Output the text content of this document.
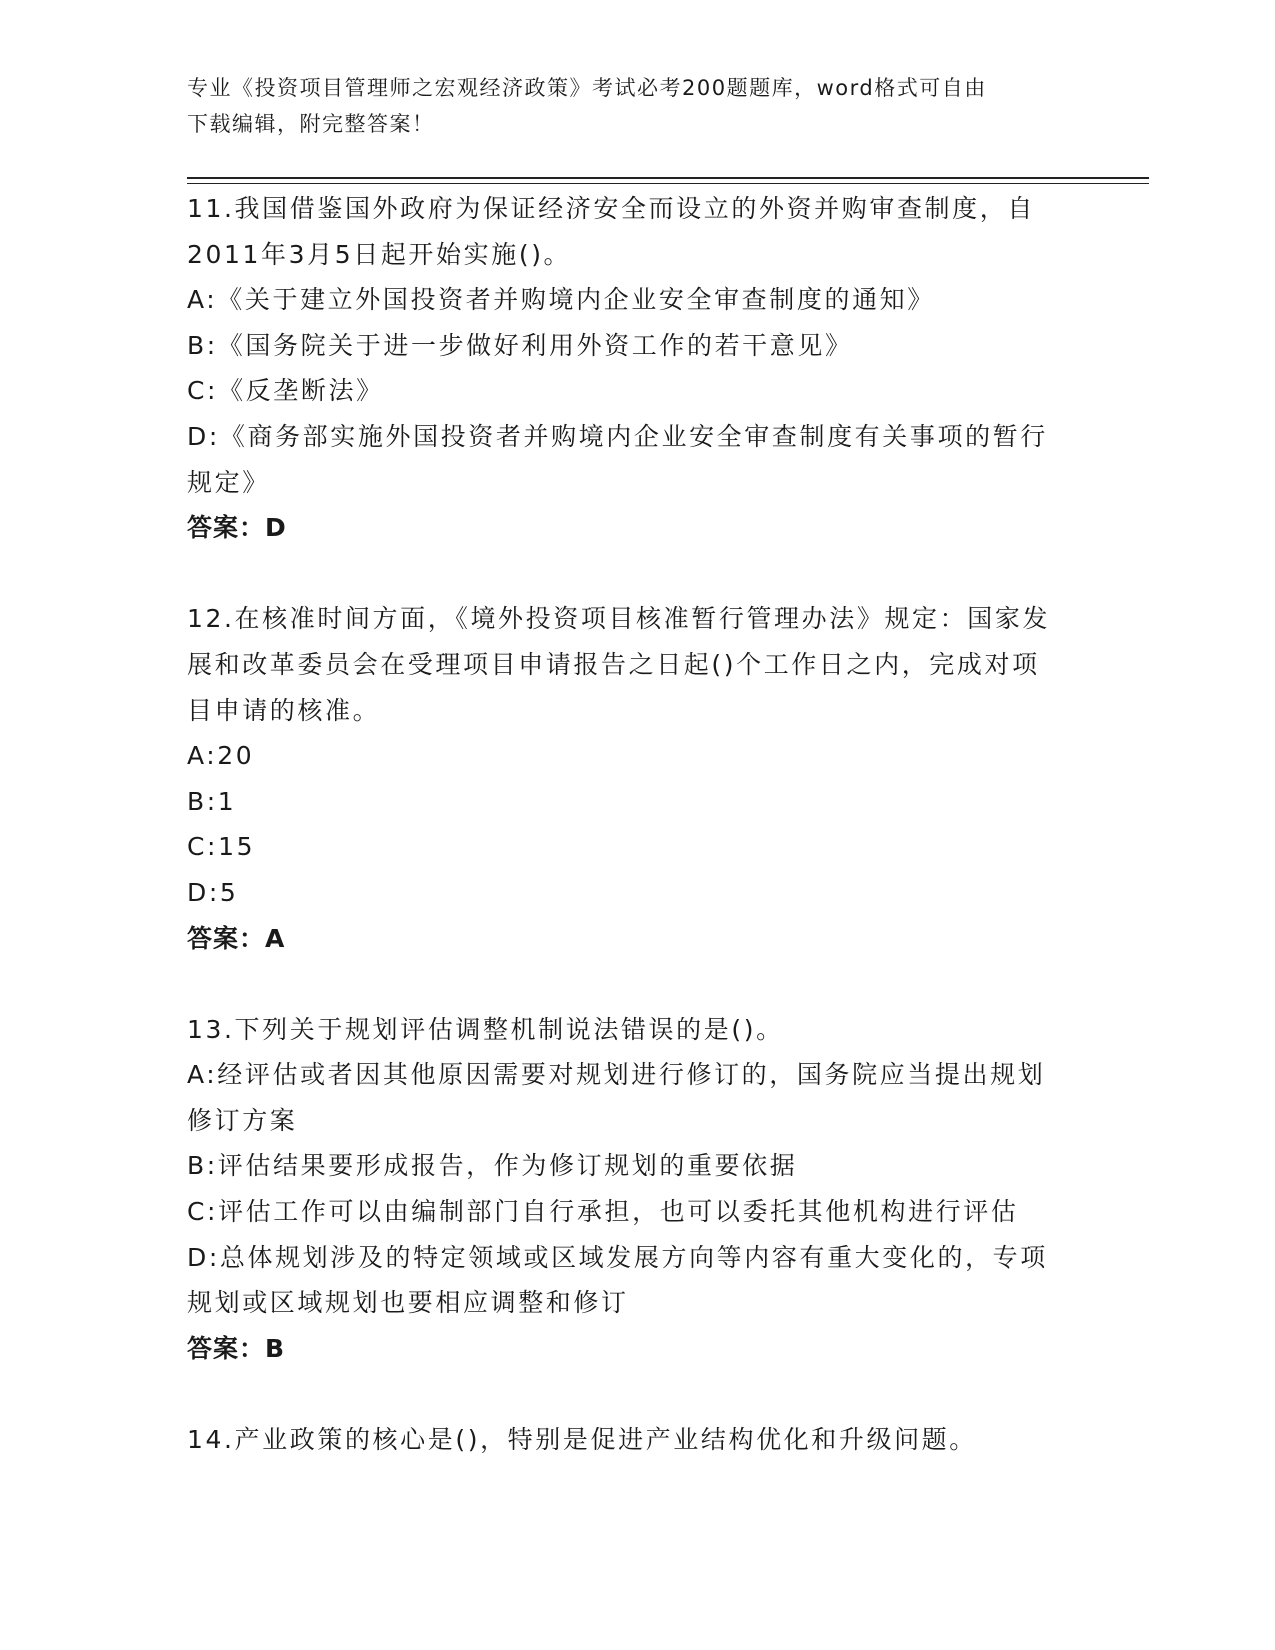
专业《投资项目管理师之宏观经济政策》考试必考200题题库，word格式可自由
下载编辑，附完整答案！

11.我国借鉴国外政府为保证经济安全而设立的外资并购审查制度，自2011年3月5日起开始实施()。

A:《关于建立外国投资者并购境内企业安全审查制度的通知》

B:《国务院关于进一步做好利用外资工作的若干意见》

C:《反垄断法》

D:《商务部实施外国投资者并购境内企业安全审查制度有关事项的暂行规定》

答案：D

12.在核准时间方面，《境外投资项目核准暂行管理办法》规定：国家发展和改革委员会在受理项目申请报告之日起()个工作日之内，完成对项目申请的核准。

A:20

B:1

C:15

D:5

答案：A

13.下列关于规划评估调整机制说法错误的是()。

A:经评估或者因其他原因需要对规划进行修订的，国务院应当提出规划修订方案

B:评估结果要形成报告，作为修订规划的重要依据

C:评估工作可以由编制部门自行承担，也可以委托其他机构进行评估

D:总体规划涉及的特定领域或区域发展方向等内容有重大变化的，专项规划或区域规划也要相应调整和修订

答案：B

14.产业政策的核心是()，特别是促进产业结构优化和升级问题。
